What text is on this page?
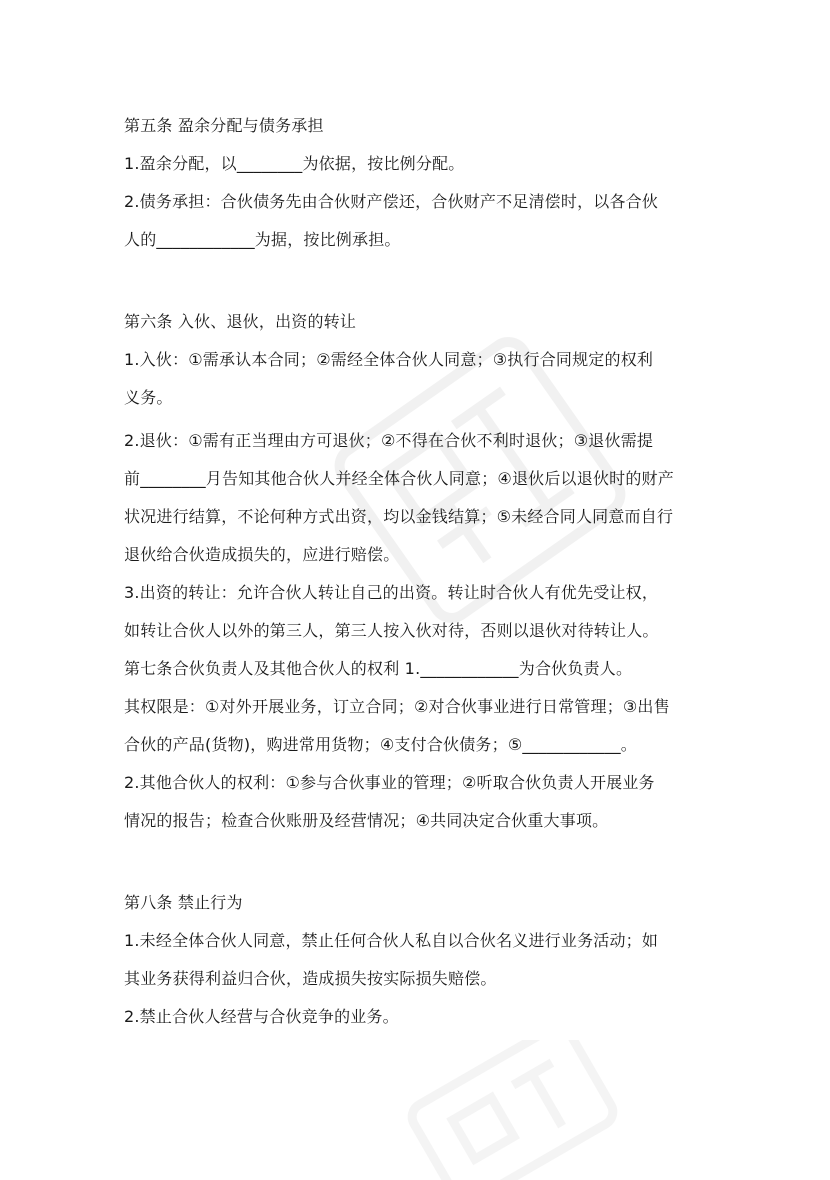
第五条 盈余分配与债务承担
1.盈余分配，以________为依据，按比例分配。
2.债务承担：合伙债务先由合伙财产偿还，合伙财产不足清偿时，以各合伙
人的____________为据，按比例承担。
第六条 入伙、退伙，出资的转让
1.入伙：①需承认本合同；②需经全体合伙人同意；③执行合同规定的权利
义务。
2.退伙：①需有正当理由方可退伙；②不得在合伙不利时退伙；③退伙需提
前________月告知其他合伙人并经全体合伙人同意；④退伙后以退伙时的财产
状况进行结算，不论何种方式出资，均以金钱结算；⑤未经合同人同意而自行
退伙给合伙造成损失的，应进行赔偿。
3.出资的转让：允许合伙人转让自己的出资。转让时合伙人有优先受让权，
如转让合伙人以外的第三人，第三人按入伙对待，否则以退伙对待转让人。
第七条合伙负责人及其他合伙人的权利 1.____________为合伙负责人。
其权限是：①对外开展业务，订立合同；②对合伙事业进行日常管理；③出售
合伙的产品(货物)，购进常用货物；④支付合伙债务；⑤____________。
2.其他合伙人的权利：①参与合伙事业的管理；②听取合伙负责人开展业务
情况的报告；检查合伙账册及经营情况；④共同决定合伙重大事项。
第八条 禁止行为
1.未经全体合伙人同意，禁止任何合伙人私自以合伙名义进行业务活动；如
其业务获得利益归合伙，造成损失按实际损失赔偿。
2.禁止合伙人经营与合伙竞争的业务。
